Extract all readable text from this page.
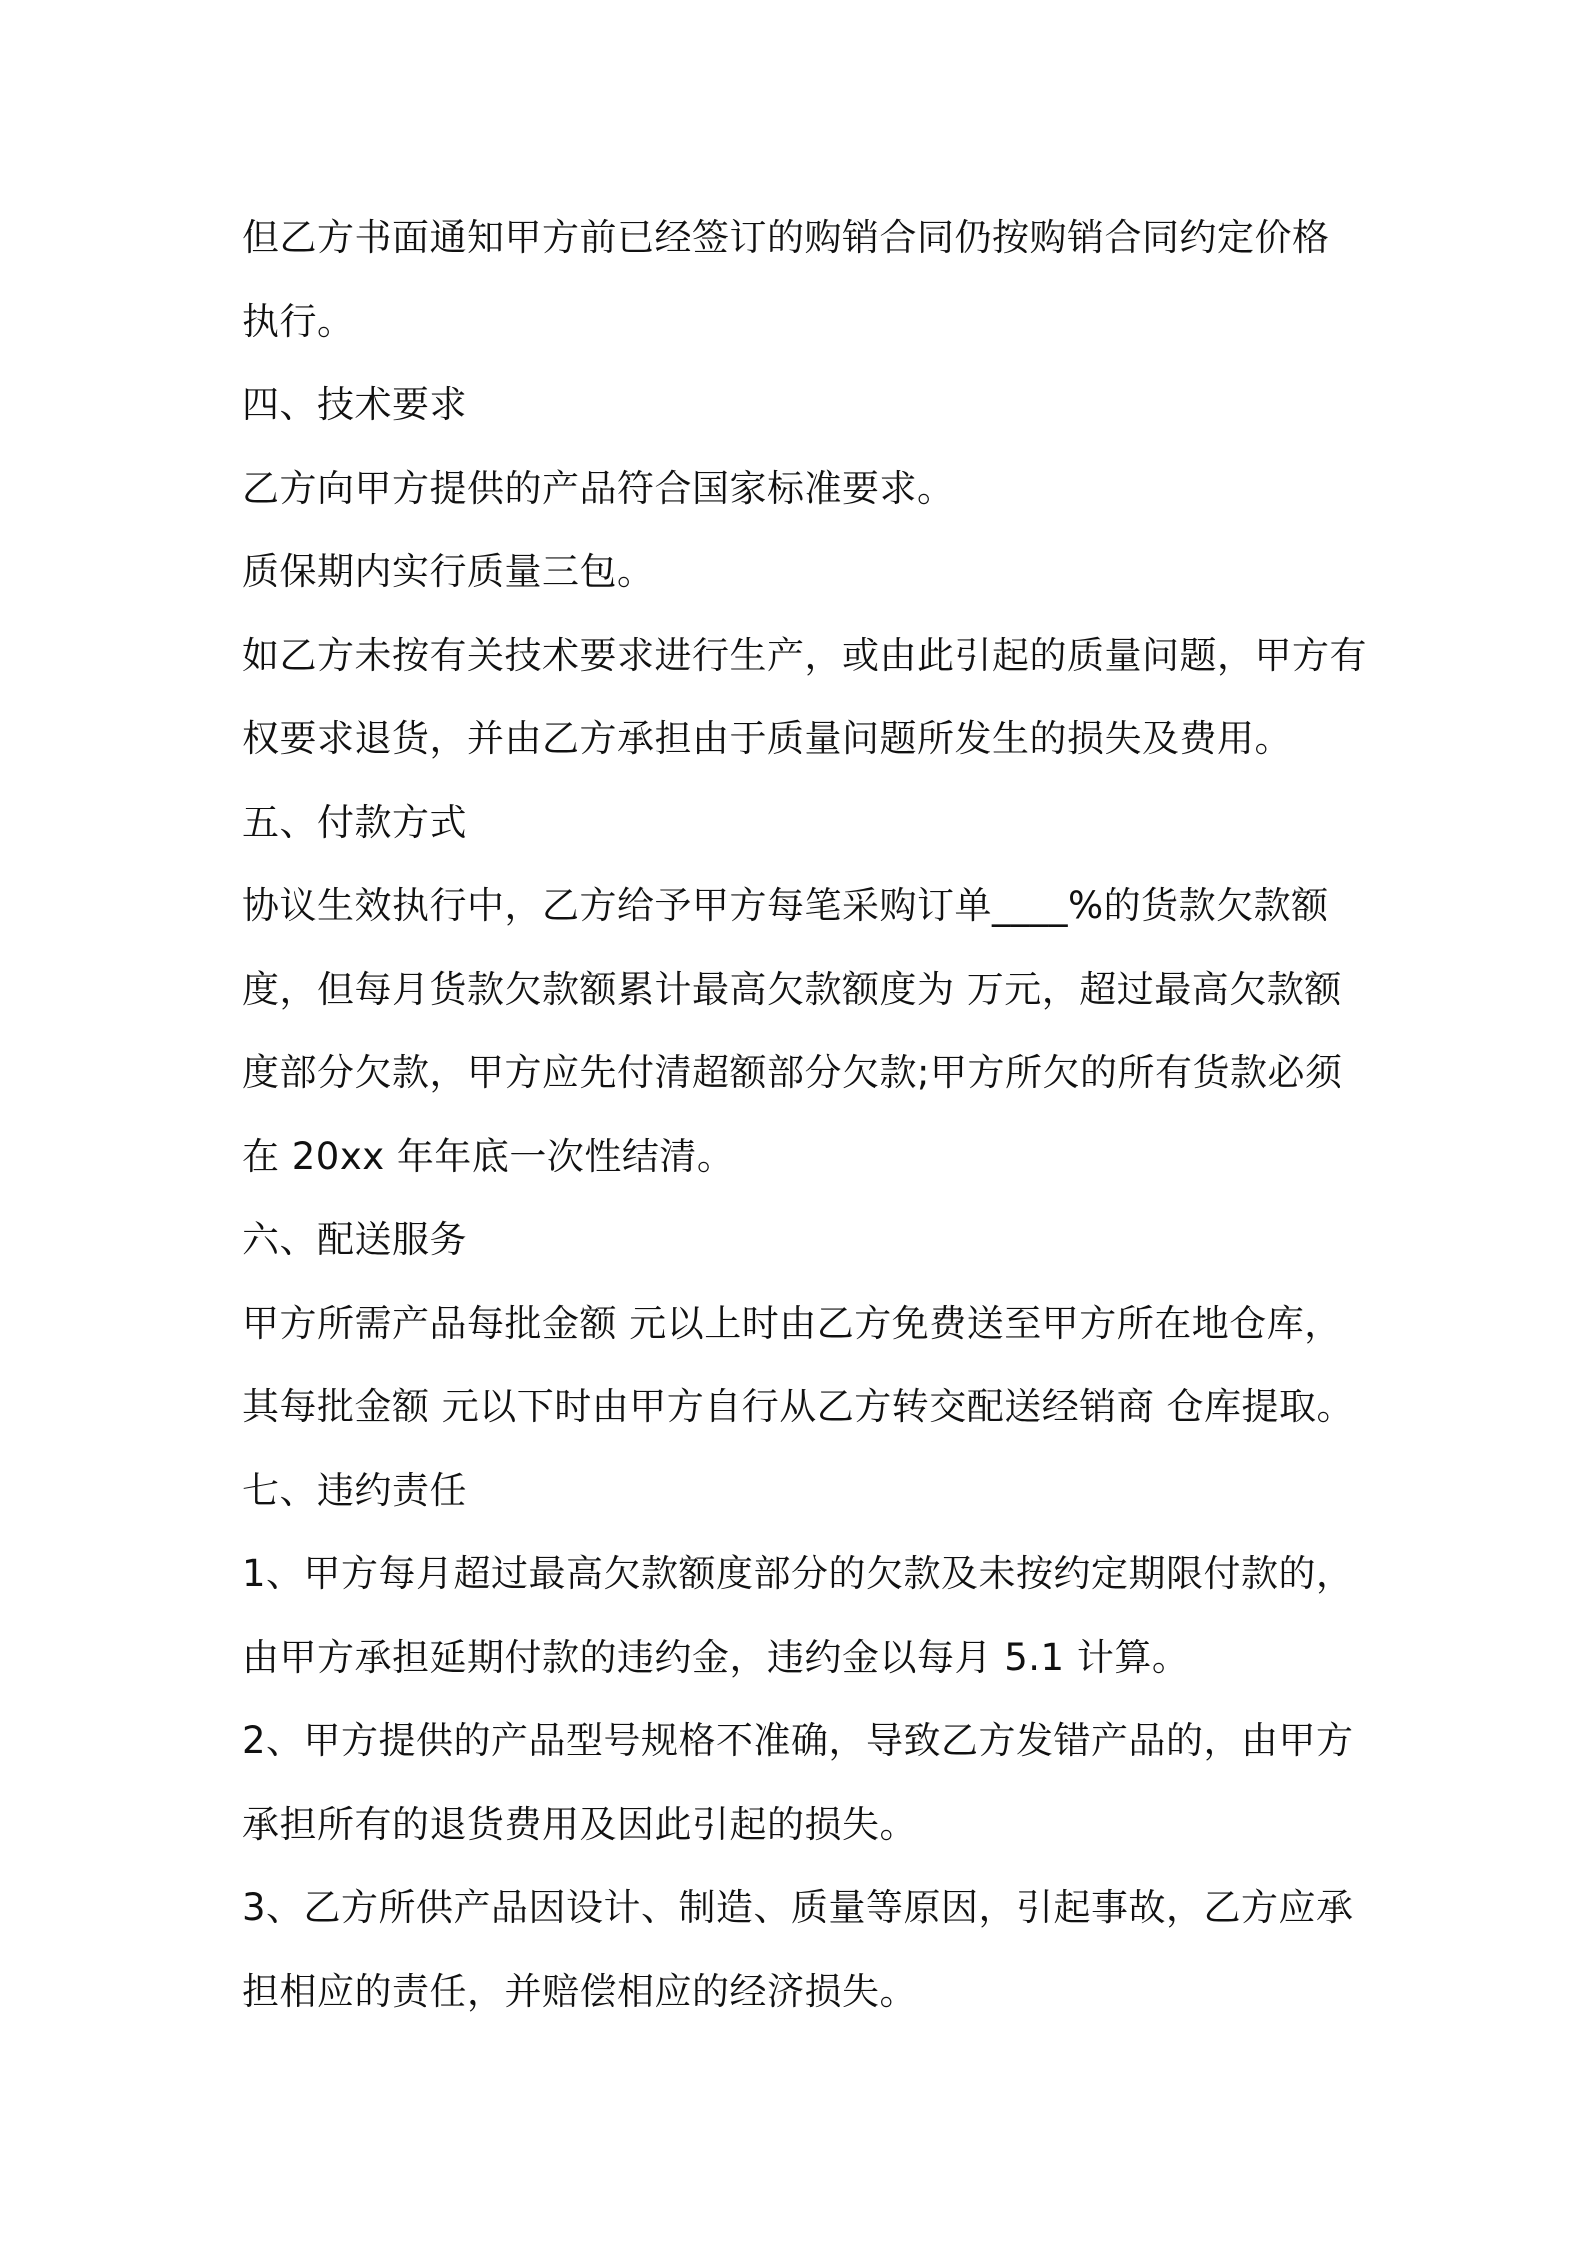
但乙方书面通知甲方前已经签订的购销合同仍按购销合同约定价格
执行。
四、技术要求
乙方向甲方提供的产品符合国家标准要求。
质保期内实行质量三包。
如乙方未按有关技术要求进行生产，或由此引起的质量问题，甲方有
权要求退货，并由乙方承担由于质量问题所发生的损失及费用。
五、付款方式
协议生效执行中，乙方给予甲方每笔采购订单____%的货款欠款额
度，但每月货款欠款额累计最高欠款额度为 万元，超过最高欠款额
度部分欠款，甲方应先付清超额部分欠款;甲方所欠的所有货款必须
在 20xx 年年底一次性结清。
六、配送服务
甲方所需产品每批金额 元以上时由乙方免费送至甲方所在地仓库，
其每批金额 元以下时由甲方自行从乙方转交配送经销商 仓库提取。
七、违约责任
1、甲方每月超过最高欠款额度部分的欠款及未按约定期限付款的，
由甲方承担延期付款的违约金，违约金以每月 5.1 计算。
2、甲方提供的产品型号规格不准确，导致乙方发错产品的，由甲方
承担所有的退货费用及因此引起的损失。
3、乙方所供产品因设计、制造、质量等原因，引起事故，乙方应承
担相应的责任，并赔偿相应的经济损失。
